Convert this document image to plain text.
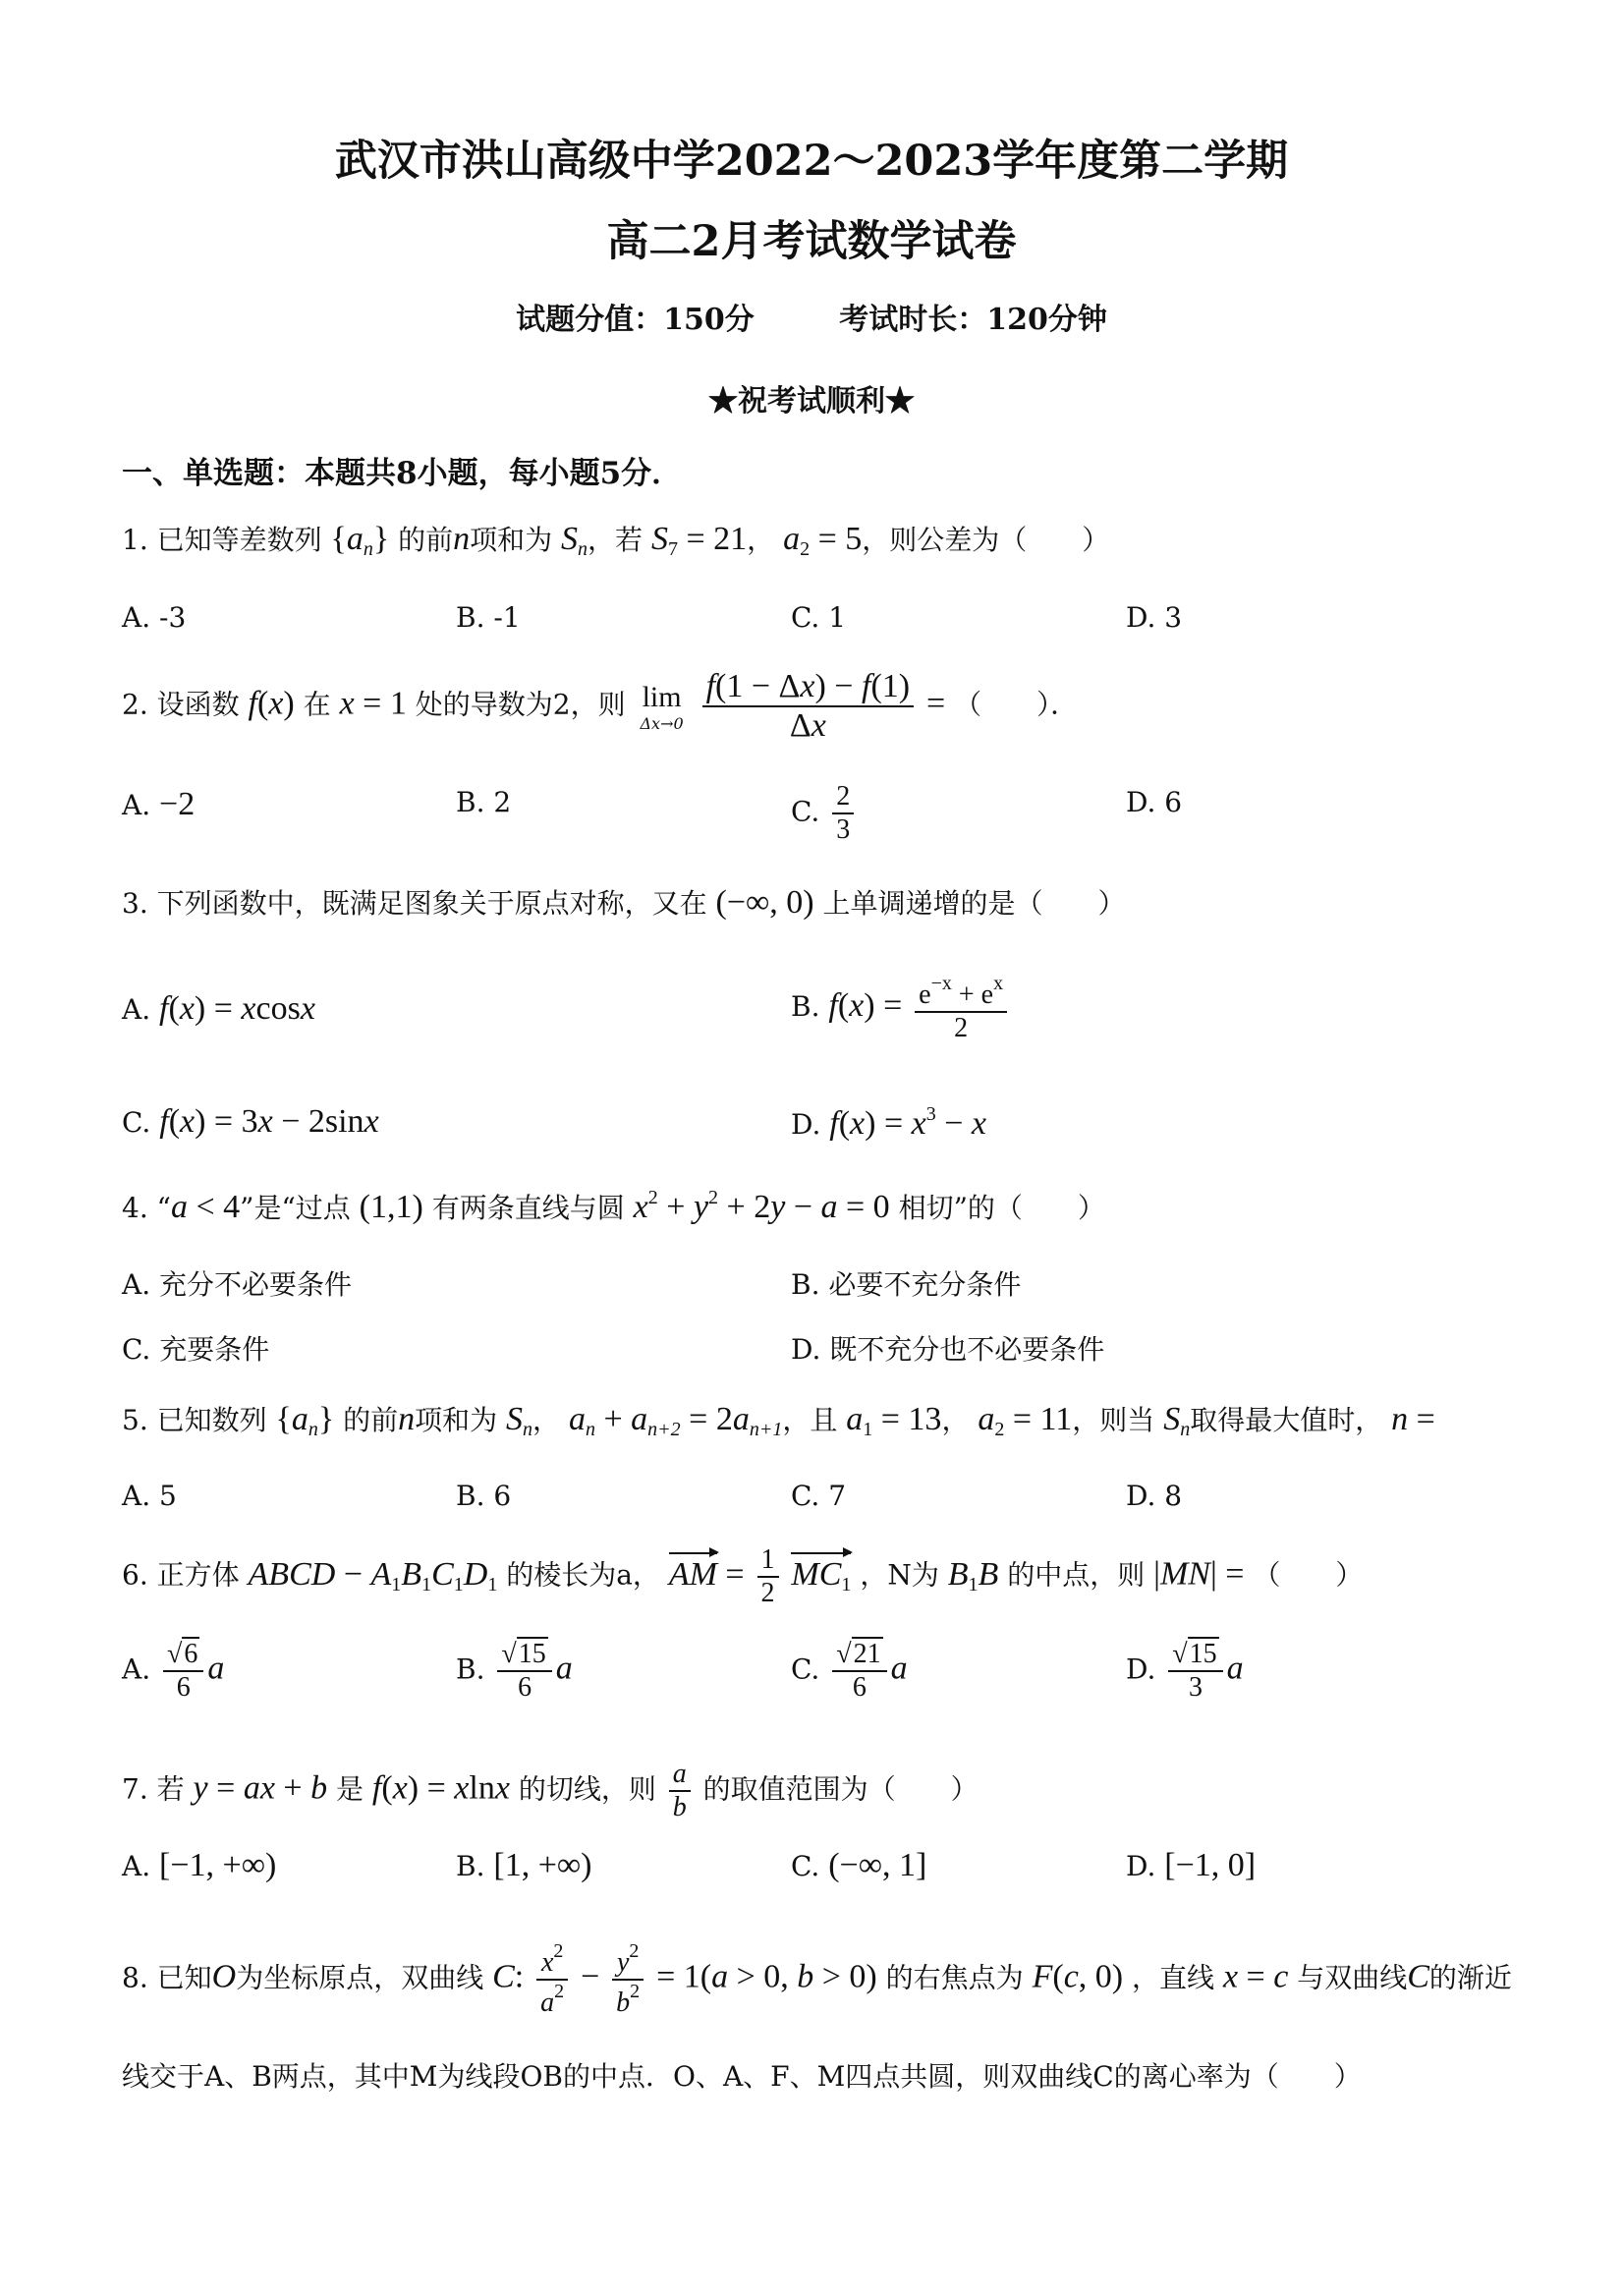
武汉市洪山高级中学2022～2023学年度第二学期
高二2月考试数学试卷
试题分值：150分	考试时长：120分钟
★祝考试顺利★
一、单选题：本题共8小题，每小题5分．
1. 已知等差数列 $\{a_n\}$ 的前n项和为 $S_n$，若 $S_7 = 21$， $a_2 = 5$，则公差为（　　）
A. -3	B. -1	C. 1	D. 3
2. 设函数 f(x) 在 x = 1 处的导数为2，则 lim
Δx→0
$\frac{f(1 - \Delta x) - f(1)}{\Delta x}$ = （　　）．
A. −2	B. 2	C. $\frac{2}{3}$	D. 6
3. 下列函数中，既满足图象关于原点对称，又在 (−∞, 0) 上单调递增的是（　　）
A. f(x) = xcosx	B. $f(x) = \frac{e^{-x} + e^x}{2}$
C. f(x) = 3x − 2sinx	D. $f(x) = x^3 - x$
4. “a < 4”是“过点 (1,1) 有两条直线与圆 $x^2 + y^2 + 2y - a = 0$ 相切”的（　　）
A. 充分不必要条件	B. 必要不充分条件
C. 充要条件	D. 既不充分也不必要条件
5. 已知数列 $\{a_n\}$ 的前n项和为 $S_n$， $a_n + a_{n+2} = 2a_{n+1}$，且 $a_1 = 13$， $a_2 = 11$，则当 $S_n$取得最大值时， n =
A. 5	B. 6	C. 7	D. 8
6. 正方体 ABCD − $A_1B_1C_1D_1$ 的棱长为a， AM = $\frac{1}{2} MC_1$ ，N为 $B_1B$ 的中点，则 |MN| = （　　）
A. $\frac{√6}{6}$ a	B. $\frac{√15}{6}$ a	C. $\frac{√21}{6}$ a	D. $\frac{√15}{3}$ a
7. 若 y = ax + b 是 f(x) = xlnx 的切线，则 $\frac{a}{b}$ 的取值范围为（　　）
A. [−1, +∞)	B. [1, +∞)	C. (−∞, 1]	D. [−1, 0]
8. 已知O为坐标原点，双曲线 C: $\frac{x^2}{a^2} - \frac{y^2}{b^2} = 1(a > 0$, b > 0) 的右焦点为 F(c, 0) ，直线 x = c 与双曲线C的渐近
线交于A、B两点，其中M为线段OB的中点．O、A、F、M四点共圆，则双曲线C的离心率为（　　）
